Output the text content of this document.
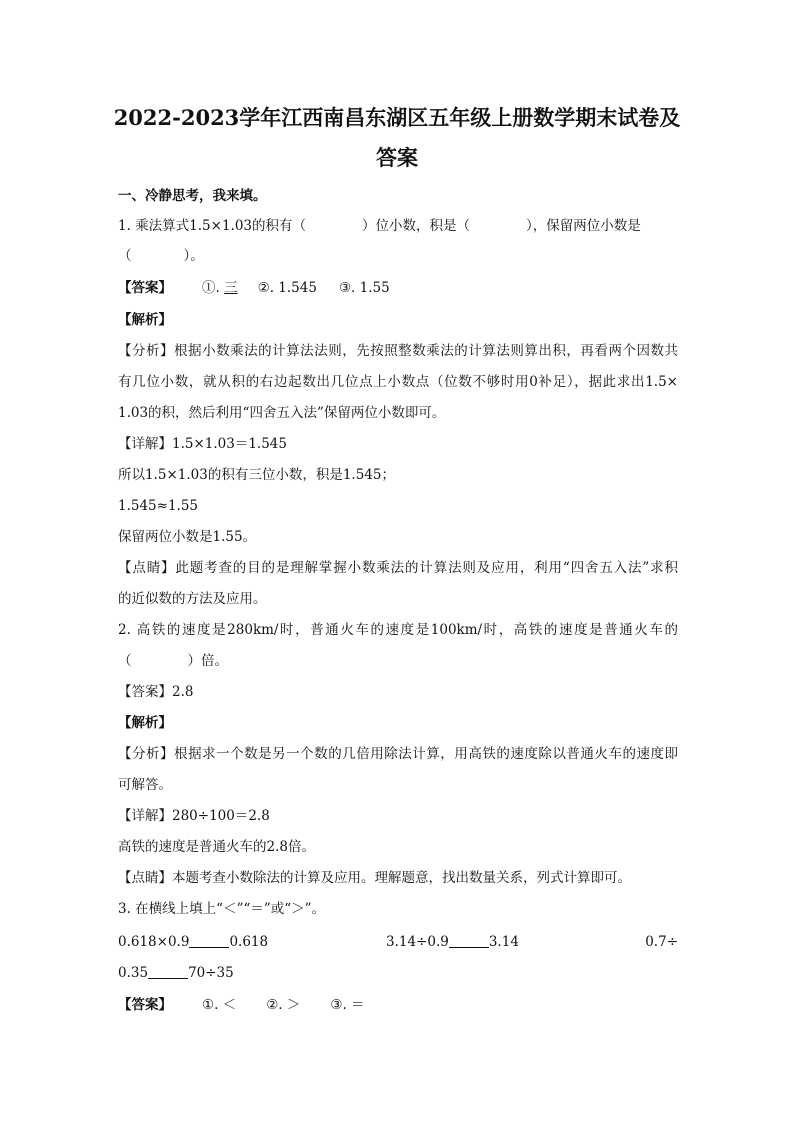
2022-2023学年江西南昌东湖区五年级上册数学期末试卷及
答案
一、冷静思考，我来填。
1. 乘法算式1.5×1.03的积有（	）位小数，积是（	），保留两位小数是
（	）。
【答案】 ①. 三 ②. 1.545 ③. 1.55
【解析】
【分析】根据小数乘法的计算法法则，先按照整数乘法的计算法则算出积，再看两个因数共
有几位小数，就从积的右边起数出几位点上小数点（位数不够时用0补足），据此求出1.5×
1.03的积，然后利用“四舍五入法”保留两位小数即可。
【详解】1.5×1.03＝1.545
所以1.5×1.03的积有三位小数，积是1.545；
1.545≈1.55
保留两位小数是1.55。
【点睛】此题考查的目的是理解掌握小数乘法的计算法则及应用，利用“四舍五入法”求积
的近似数的方法及应用。
2. 高铁的速度是280km/时，普通火车的速度是100km/时，高铁的速度是普通火车的
（	）倍。
【答案】2.8
【解析】
【分析】根据求一个数是另一个数的几倍用除法计算，用高铁的速度除以普通火车的速度即
可解答。
【详解】280÷100＝2.8
高铁的速度是普通火车的2.8倍。
【点睛】本题考查小数除法的计算及应用。理解题意，找出数量关系，列式计算即可。
3. 在横线上填上“＜”“＝”或“＞”。
0.618×0.9	0.618	3.14÷0.9	3.14	0.7÷
0.35	70÷35
【答案】 ①. ＜ ②. ＞ ③. ＝
